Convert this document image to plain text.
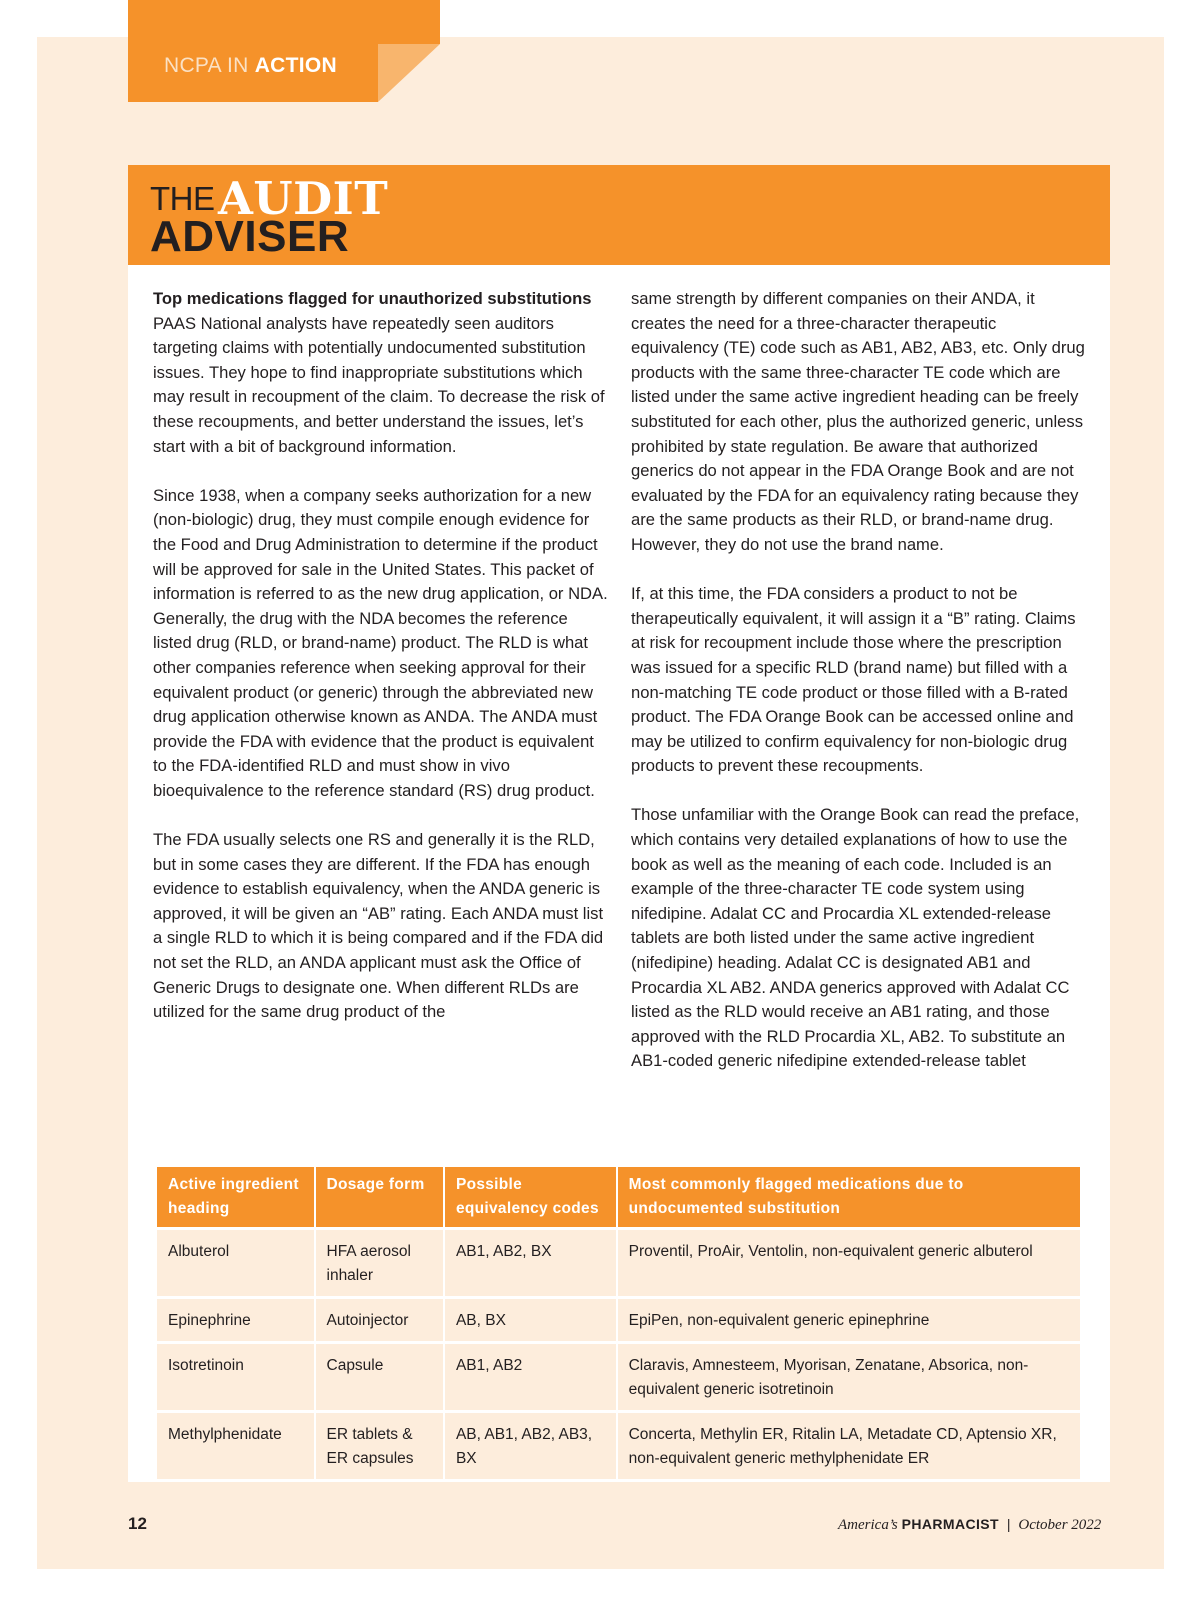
NCPA IN ACTION
THE AUDIT
ADVISER

Top medications flagged for unauthorized substitutions

PAAS National analysts have repeatedly seen auditors targeting claims with potentially undocumented substitution issues. They hope to find inappropriate substitutions which may result in recoupment of the claim. To decrease the risk of these recoupments, and better understand the issues, let’s start with a bit of background information.

Since 1938, when a company seeks authorization for a new (non-biologic) drug, they must compile enough evidence for the Food and Drug Administration to determine if the product will be approved for sale in the United States. This packet of information is referred to as the new drug application, or NDA. Generally, the drug with the NDA becomes the reference listed drug (RLD, or brand-name) product. The RLD is what other companies reference when seeking approval for their equivalent product (or generic) through the abbreviated new drug application otherwise known as ANDA. The ANDA must provide the FDA with evidence that the product is equivalent to the FDA-identified RLD and must show in vivo bioequivalence to the reference standard (RS) drug product.

The FDA usually selects one RS and generally it is the RLD, but in some cases they are different. If the FDA has enough evidence to establish equivalency, when the ANDA generic is approved, it will be given an “AB” rating. Each ANDA must list a single RLD to which it is being compared and if the FDA did not set the RLD, an ANDA applicant must ask the Office of Generic Drugs to designate one. When different RLDs are utilized for the same drug product of the

same strength by different companies on their ANDA, it creates the need for a three-character therapeutic equivalency (TE) code such as AB1, AB2, AB3, etc. Only drug products with the same three-character TE code which are listed under the same active ingredient heading can be freely substituted for each other, plus the authorized generic, unless prohibited by state regulation. Be aware that authorized generics do not appear in the FDA Orange Book and are not evaluated by the FDA for an equivalency rating because they are the same products as their RLD, or brand-name drug. However, they do not use the brand name.

If, at this time, the FDA considers a product to not be therapeutically equivalent, it will assign it a “B” rating. Claims at risk for recoupment include those where the prescription was issued for a specific RLD (brand name) but filled with a non-matching TE code product or those filled with a B-rated product. The FDA Orange Book can be accessed online and may be utilized to confirm equivalency for non-biologic drug products to prevent these recoupments.

Those unfamiliar with the Orange Book can read the preface, which contains very detailed explanations of how to use the book as well as the meaning of each code. Included is an example of the three-character TE code system using nifedipine. Adalat CC and Procardia XL extended-release tablets are both listed under the same active ingredient (nifedipine) heading. Adalat CC is designated AB1 and Procardia XL AB2. ANDA generics approved with Adalat CC listed as the RLD would receive an AB1 rating, and those approved with the RLD Procardia XL, AB2. To substitute an AB1-coded generic nifedipine extended-release tablet

Active ingredient heading	Dosage form	Possible equivalency codes	Most commonly flagged medications due to undocumented substitution
Albuterol	HFA aerosol inhaler	AB1, AB2, BX	Proventil, ProAir, Ventolin, non-equivalent generic albuterol
Epinephrine	Autoinjector	AB, BX	EpiPen, non-equivalent generic epinephrine
Isotretinoin	Capsule	AB1, AB2	Claravis, Amnesteem, Myorisan, Zenatane, Absorica, non-equivalent generic isotretinoin
Methylphenidate	ER tablets & ER capsules	AB, AB1, AB2, AB3, BX	Concerta, Methylin ER, Ritalin LA, Metadate CD, Aptensio XR, non-equivalent generic methylphenidate ER
12	America’s PHARMACIST | October 2022
